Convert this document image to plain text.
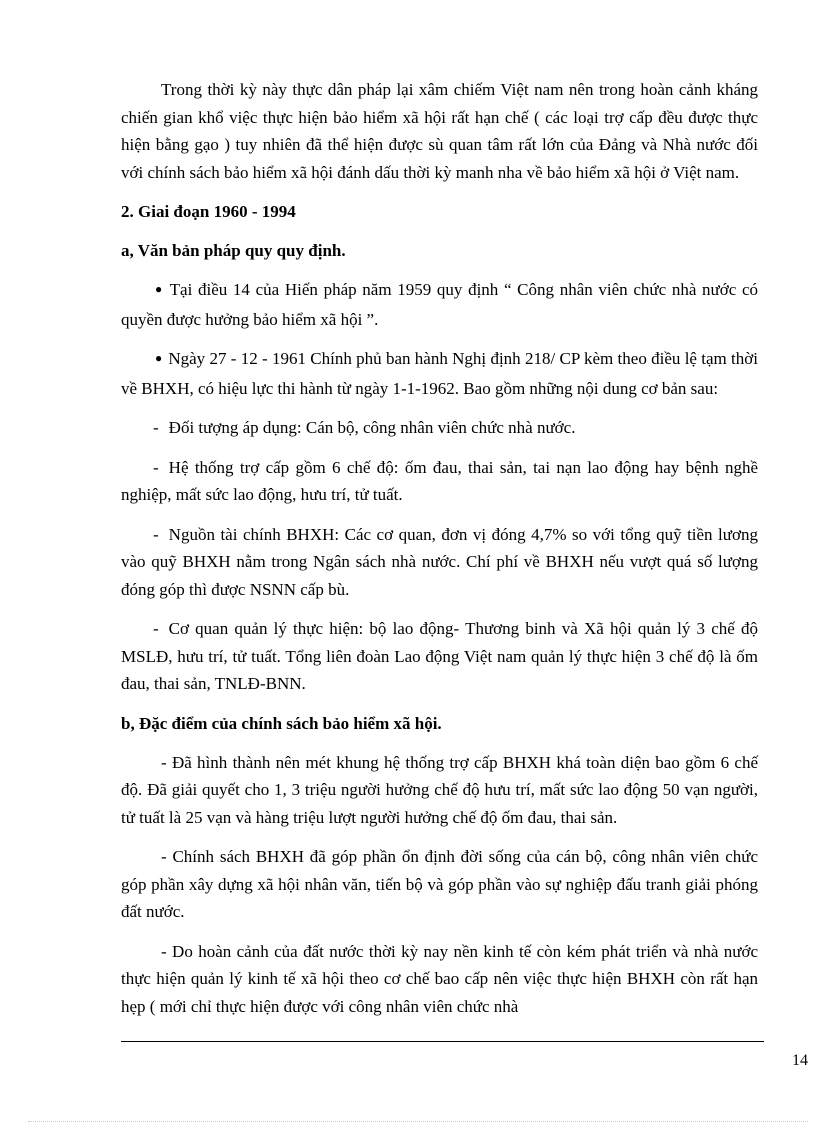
Trong thời kỳ này thực dân pháp lại xâm chiếm Việt nam nên trong hoàn cảnh kháng chiến gian khổ việc thực hiện bảo hiểm xã hội rất hạn chế ( các loại trợ cấp đều được thực hiện bằng gạo ) tuy nhiên đã thể hiện được sù quan tâm rất lớn của Đảng và Nhà nước đối với chính sách bảo hiểm xã hội đánh dấu thời kỳ manh nha về bảo hiểm xã hội ở Việt nam.

2. Giai đoạn 1960 - 1994

a, Văn bản pháp quy quy định.

● Tại điều 14 của Hiến pháp năm 1959 quy định “ Công nhân viên chức nhà nước có quyền được hưởng bảo hiểm xã hội ”.

● Ngày 27 - 12 - 1961 Chính phủ ban hành Nghị định 218/ CP kèm theo điều lệ tạm thời về BHXH, có hiệu lực thi hành từ ngày 1-1-1962. Bao gồm những nội dung cơ bản sau:

- Đối tượng áp dụng: Cán bộ, công nhân viên chức nhà nước.

- Hệ thống trợ cấp gồm 6 chế độ: ốm đau, thai sản, tai nạn lao động hay bệnh nghề nghiệp, mất sức lao động, hưu trí, tử tuất.

- Nguồn tài chính BHXH: Các cơ quan, đơn vị đóng 4,7% so với tổng quỹ tiền lương vào quỹ BHXH nằm trong Ngân sách nhà nước. Chí phí về BHXH nếu vượt quá số lượng đóng góp thì được NSNN cấp bù.

- Cơ quan quản lý thực hiện: bộ lao động- Thương binh và Xã hội quản lý 3 chế độ MSLĐ, hưu trí, tử tuất. Tổng liên đoàn Lao động Việt nam quản lý thực hiện 3 chế độ là ốm đau, thai sản, TNLĐ-BNN.

b, Đặc điểm của chính sách bảo hiểm xã hội.

- Đã hình thành nên mét khung hệ thống trợ cấp BHXH khá toàn diện bao gồm 6 chế độ. Đã giải quyết cho 1, 3 triệu người hưởng chế độ hưu trí, mất sức lao động 50 vạn người, tử tuất là 25 vạn và hàng triệu lượt người hưởng chế độ ốm đau, thai sản.

- Chính sách BHXH đã góp phần ổn định đời sống của cán bộ, công nhân viên chức góp phần xây dựng xã hội nhân văn, tiến bộ và góp phần vào sự nghiệp đấu tranh giải phóng đất nước.

- Do hoàn cảnh của đất nước thời kỳ nay nền kinh tế còn kém phát triển và nhà nước thực hiện quản lý kinh tế xã hội theo cơ chế bao cấp nên việc thực hiện BHXH còn rất hạn hẹp ( mới chỉ thực hiện được với công nhân viên chức nhà

14
